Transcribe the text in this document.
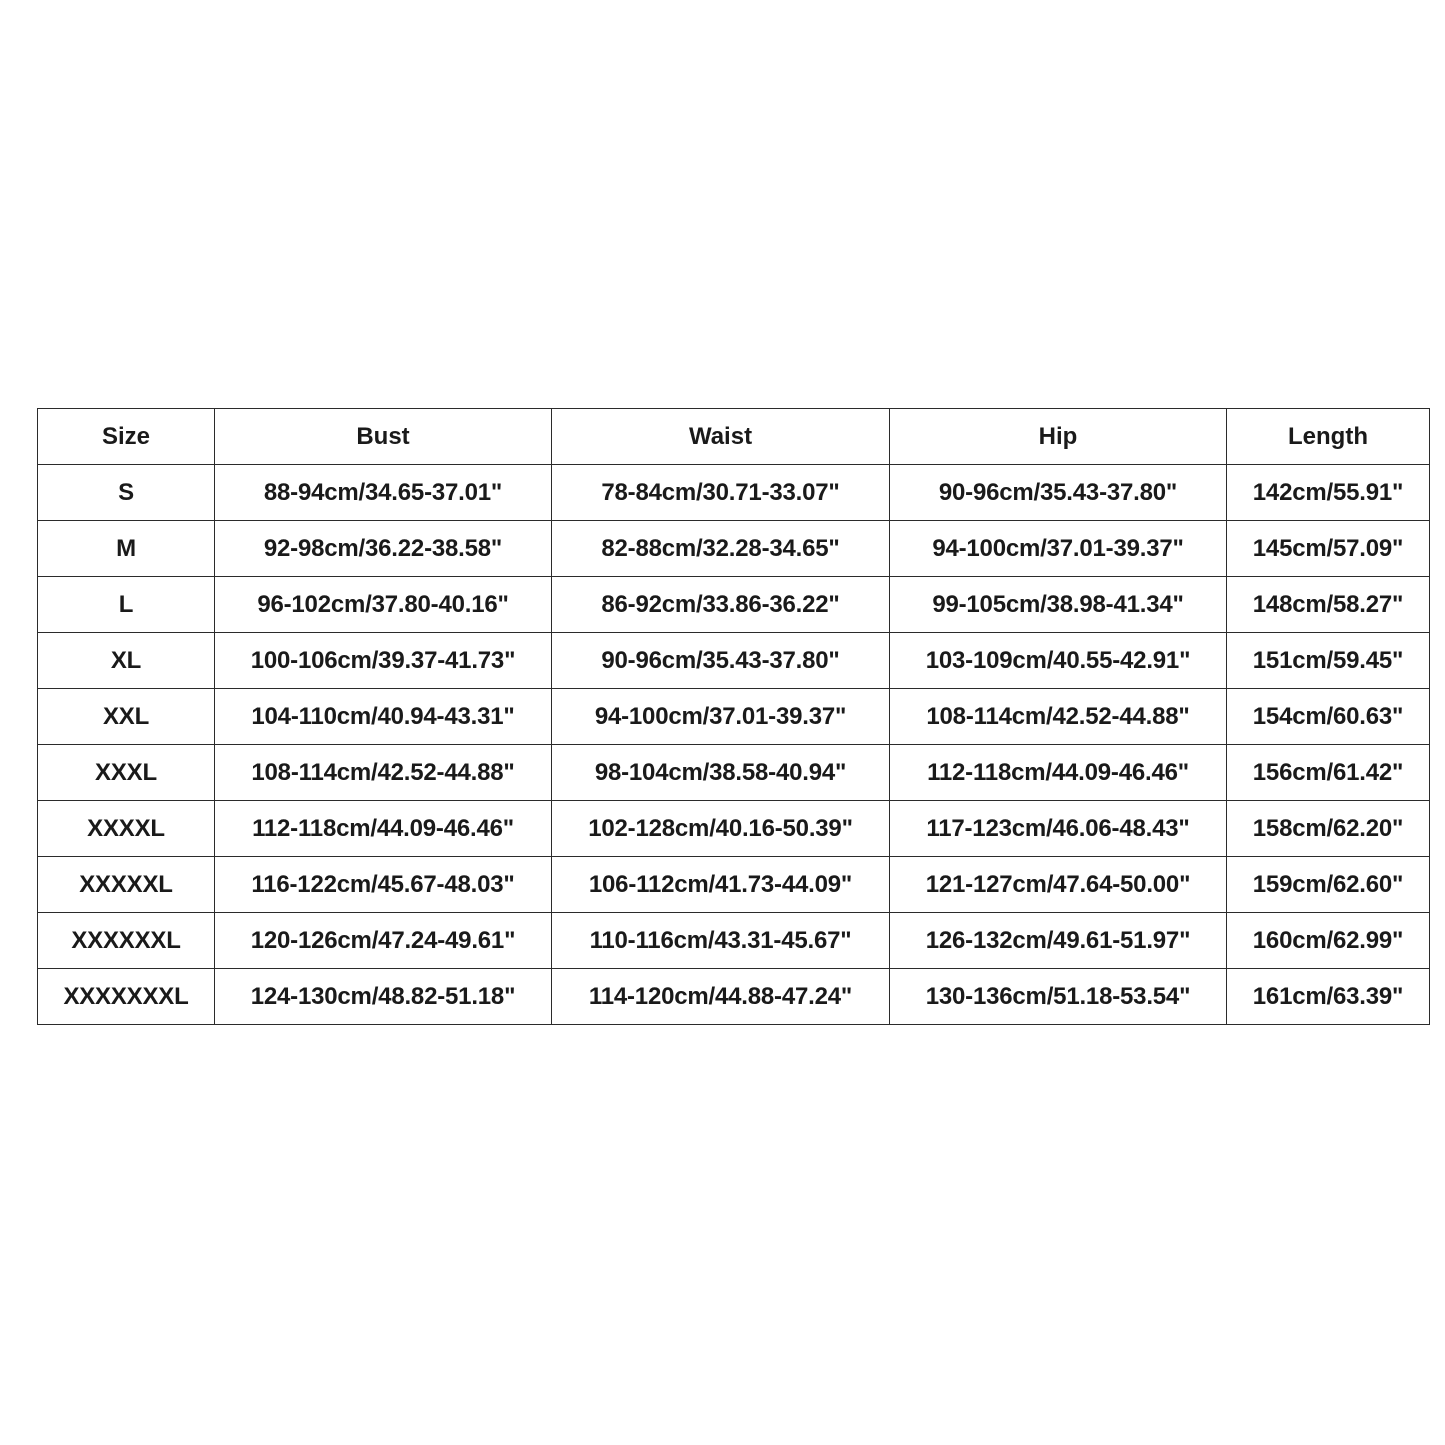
Size	Bust	Waist	Hip	Length
S	88-94cm/34.65-37.01"	78-84cm/30.71-33.07"	90-96cm/35.43-37.80"	142cm/55.91"
M	92-98cm/36.22-38.58"	82-88cm/32.28-34.65"	94-100cm/37.01-39.37"	145cm/57.09"
L	96-102cm/37.80-40.16"	86-92cm/33.86-36.22"	99-105cm/38.98-41.34"	148cm/58.27"
XL	100-106cm/39.37-41.73"	90-96cm/35.43-37.80"	103-109cm/40.55-42.91"	151cm/59.45"
XXL	104-110cm/40.94-43.31"	94-100cm/37.01-39.37"	108-114cm/42.52-44.88"	154cm/60.63"
XXXL	108-114cm/42.52-44.88"	98-104cm/38.58-40.94"	112-118cm/44.09-46.46"	156cm/61.42"
XXXXL	112-118cm/44.09-46.46"	102-128cm/40.16-50.39"	117-123cm/46.06-48.43"	158cm/62.20"
XXXXXL	116-122cm/45.67-48.03"	106-112cm/41.73-44.09"	121-127cm/47.64-50.00"	159cm/62.60"
XXXXXXL	120-126cm/47.24-49.61"	110-116cm/43.31-45.67"	126-132cm/49.61-51.97"	160cm/62.99"
XXXXXXXL	124-130cm/48.82-51.18"	114-120cm/44.88-47.24"	130-136cm/51.18-53.54"	161cm/63.39"
